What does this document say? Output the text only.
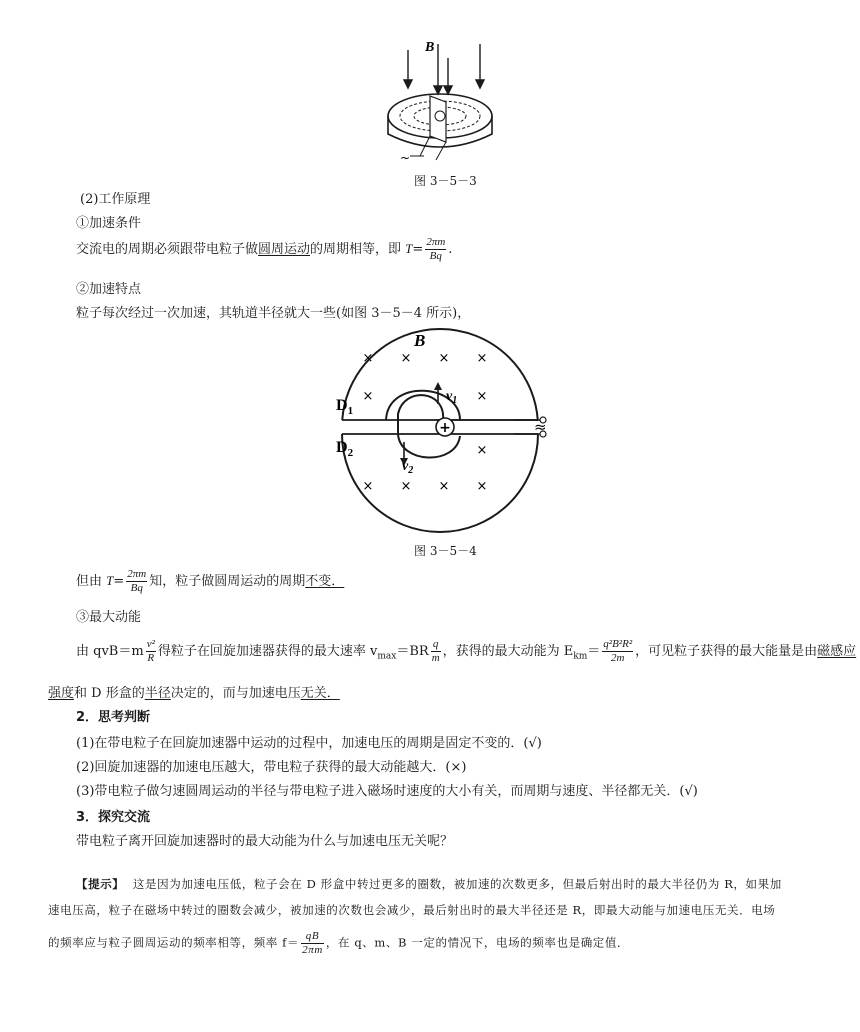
B
~
图 3－5－3
(2)工作原理
①加速条件
交流电的周期必须跟带电粒子做圆周运动的周期相等，即 $T= \frac{2\pi m}{Bq}$ .
②加速特点
粒子每次经过一次加速，其轨道半径就大一些(如图 3－5－4 所示)，
+	≈
B
$D_1$
$D_2$
$v_1$
$v_2$
× × × ×
×	×
×
× × × ×
图 3－5－4
但由 $T= \frac{2\pi m}{Bq}$ 知，粒子做圆周运动的周期不变．
③最大动能
由 $qvB=m \frac{\text{v²}}{R}$ 得粒子在回旋加速器获得的最大速率 $v_{max}=BR \frac{q}{m}$ ，获得的最大动能为 $E_{km}= \frac{\text{q²B²R²}}{2m}$ ，可见粒子获得的最大能量是由磁感应
强度和 D 形盒的半径决定的，而与加速电压无关．
2．思考判断
(1)在带电粒子在回旋加速器中运动的过程中，加速电压的周期是固定不变的．(√)
(2)回旋加速器的加速电压越大，带电粒子获得的最大动能越大．(×)
(3)带电粒子做匀速圆周运动的半径与带电粒子进入磁场时速度的大小有关，而周期与速度、半径都无关．(√)
3．探究交流
带电粒子离开回旋加速器时的最大动能为什么与加速电压无关呢？
【提示】 这是因为加速电压低，粒子会在 D 形盒中转过更多的圈数，被加速的次数更多，但最后射出时的最大半径仍为 R，如果加
速电压高，粒子在磁场中转过的圈数会减少，被加速的次数也会减少，最后射出时的最大半径还是 R，即最大动能与加速电压无关．电场
的频率应与粒子圆周运动的频率相等，频率 $f= \frac{qB}{2\pi m}$ ，在 q、m、B 一定的情况下，电场的频率也是确定值．
